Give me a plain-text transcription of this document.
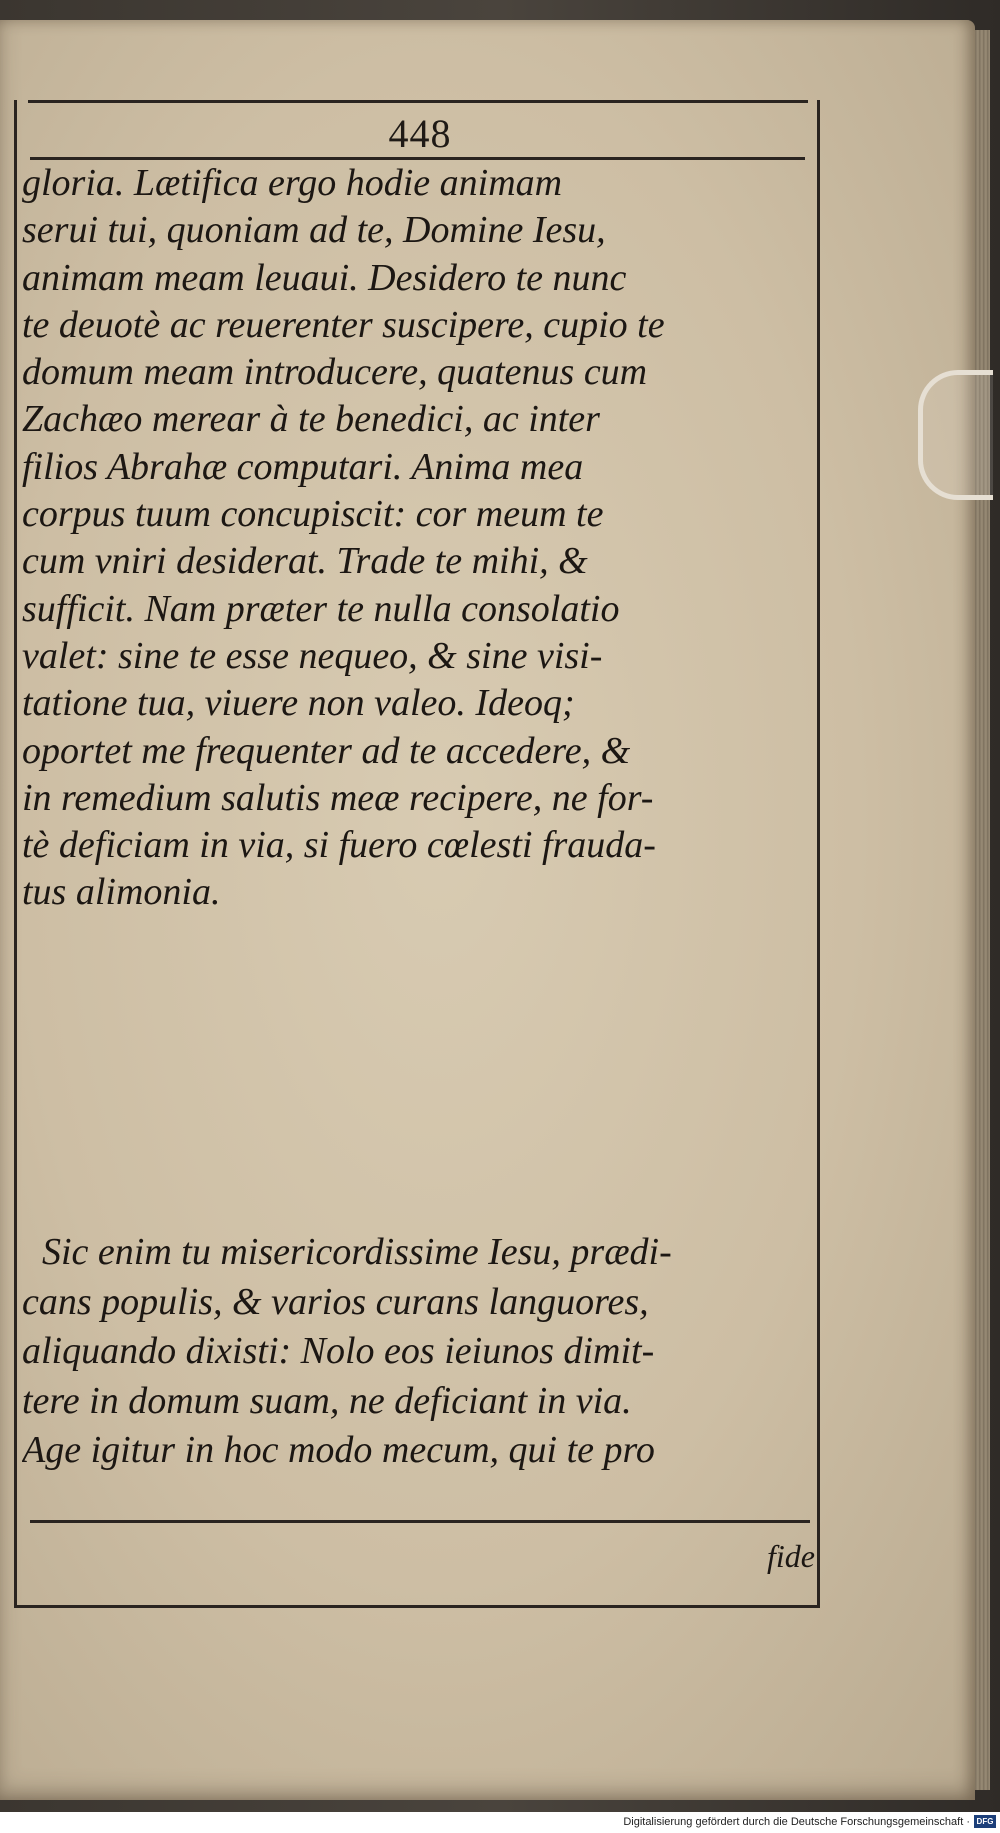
448
gloria. Lætifica ergo hodie animam
serui tui, quoniam ad te, Domine Iesu,
animam meam leuaui. Desidero te nunc
te deuotè ac reuerenter suscipere, cupio te
domum meam introducere, quatenus cum
Zachæo merear à te benedici, ac inter
filios Abrahæ computari. Anima mea
corpus tuum concupiscit: cor meum te
cum vniri desiderat. Trade te mihi, &
sufficit. Nam præter te nulla consolatio
valet: sine te esse nequeo, & sine visi-
tatione tua, viuere non valeo. Ideoq;
oportet me frequenter ad te accedere, &
in remedium salutis meæ recipere, ne for-
tè deficiam in via, si fuero cœlesti frauda-
tus alimonia.
Sic enim tu misericordissime Iesu, prædi-
cans populis, & varios curans languores,
aliquando dixisti: Nolo eos ieiunos dimit-
tere in domum suam, ne deficiant in via.
Age igitur in hoc modo mecum, qui te pro
fide
Digitalisierung gefördert durch die Deutsche Forschungsgemeinschaft · DFG
